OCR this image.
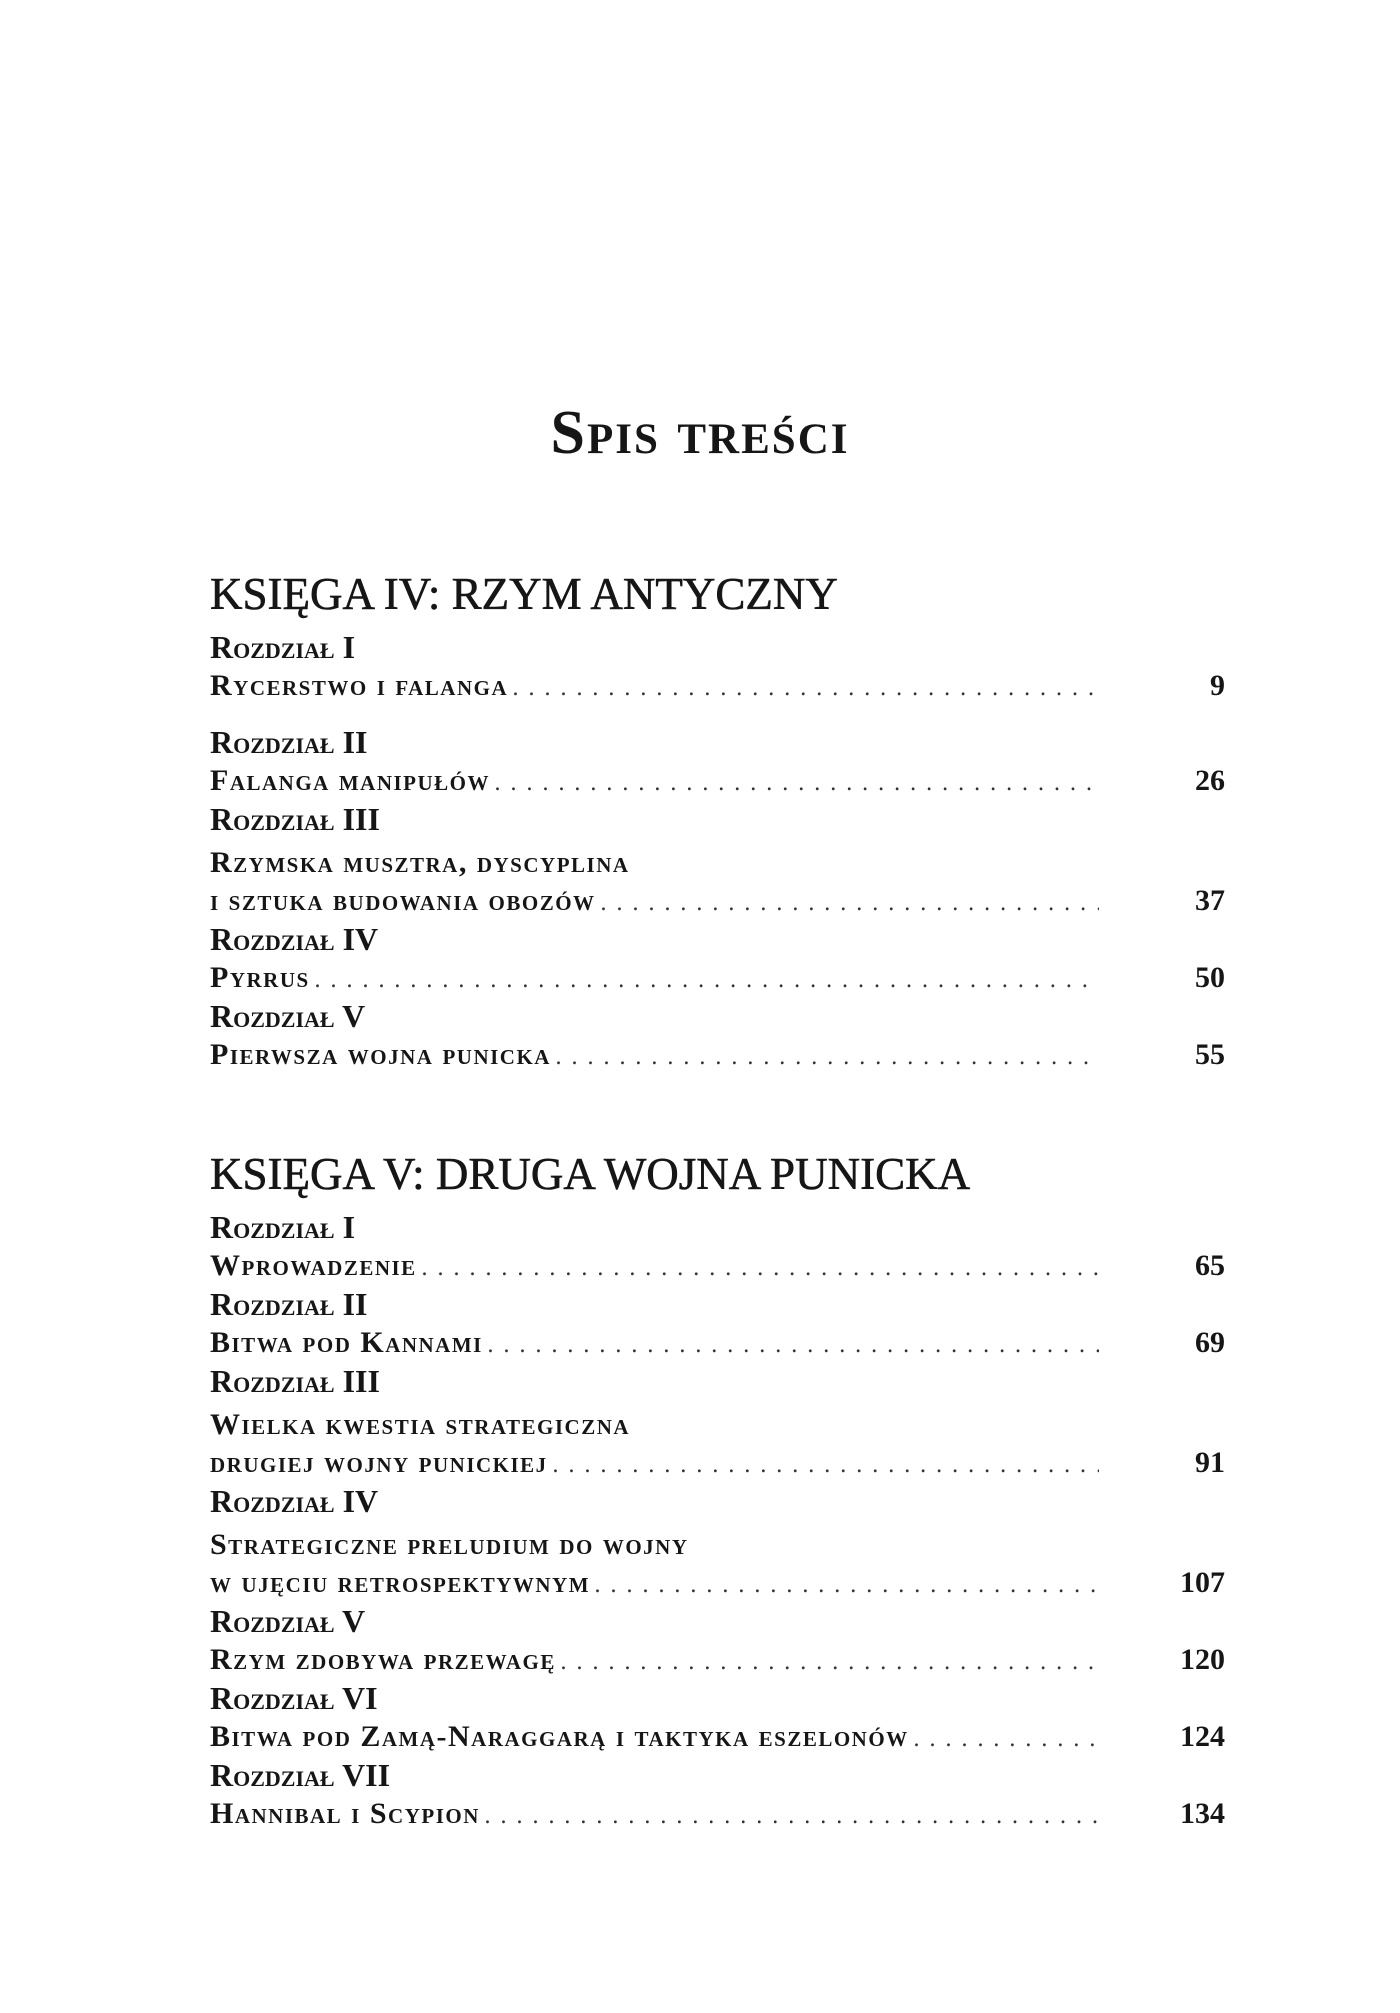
Spis treści
KSIĘGA IV: RZYM ANTYCZNY
Rozdział I
Rycerstwo i falanga . . .	9
Rozdział II
Falanga manipułów . . .	26
Rozdział III
Rzymska musztra, dyscyplina
i sztuka budowania obozów . . .	37
Rozdział IV
Pyrrus . . .	50
Rozdział V
Pierwsza wojna punicka . . .	55
KSIĘGA V: DRUGA WOJNA PUNICKA
Rozdział I
Wprowadzenie . . .	65
Rozdział II
Bitwa pod Kannami . . .	69
Rozdział III
Wielka kwestia strategiczna
drugiej wojny punickiej . . .	91
Rozdział IV
Strategiczne preludium do wojny
w ujęciu retrospektywnym . . .	107
Rozdział V
Rzym zdobywa przewagę . . .	120
Rozdział VI
Bitwa pod Zamą-Naraggarą i taktyka eszelonów . . .	124
Rozdział VII
Hannibal i Scypion . . .	134
